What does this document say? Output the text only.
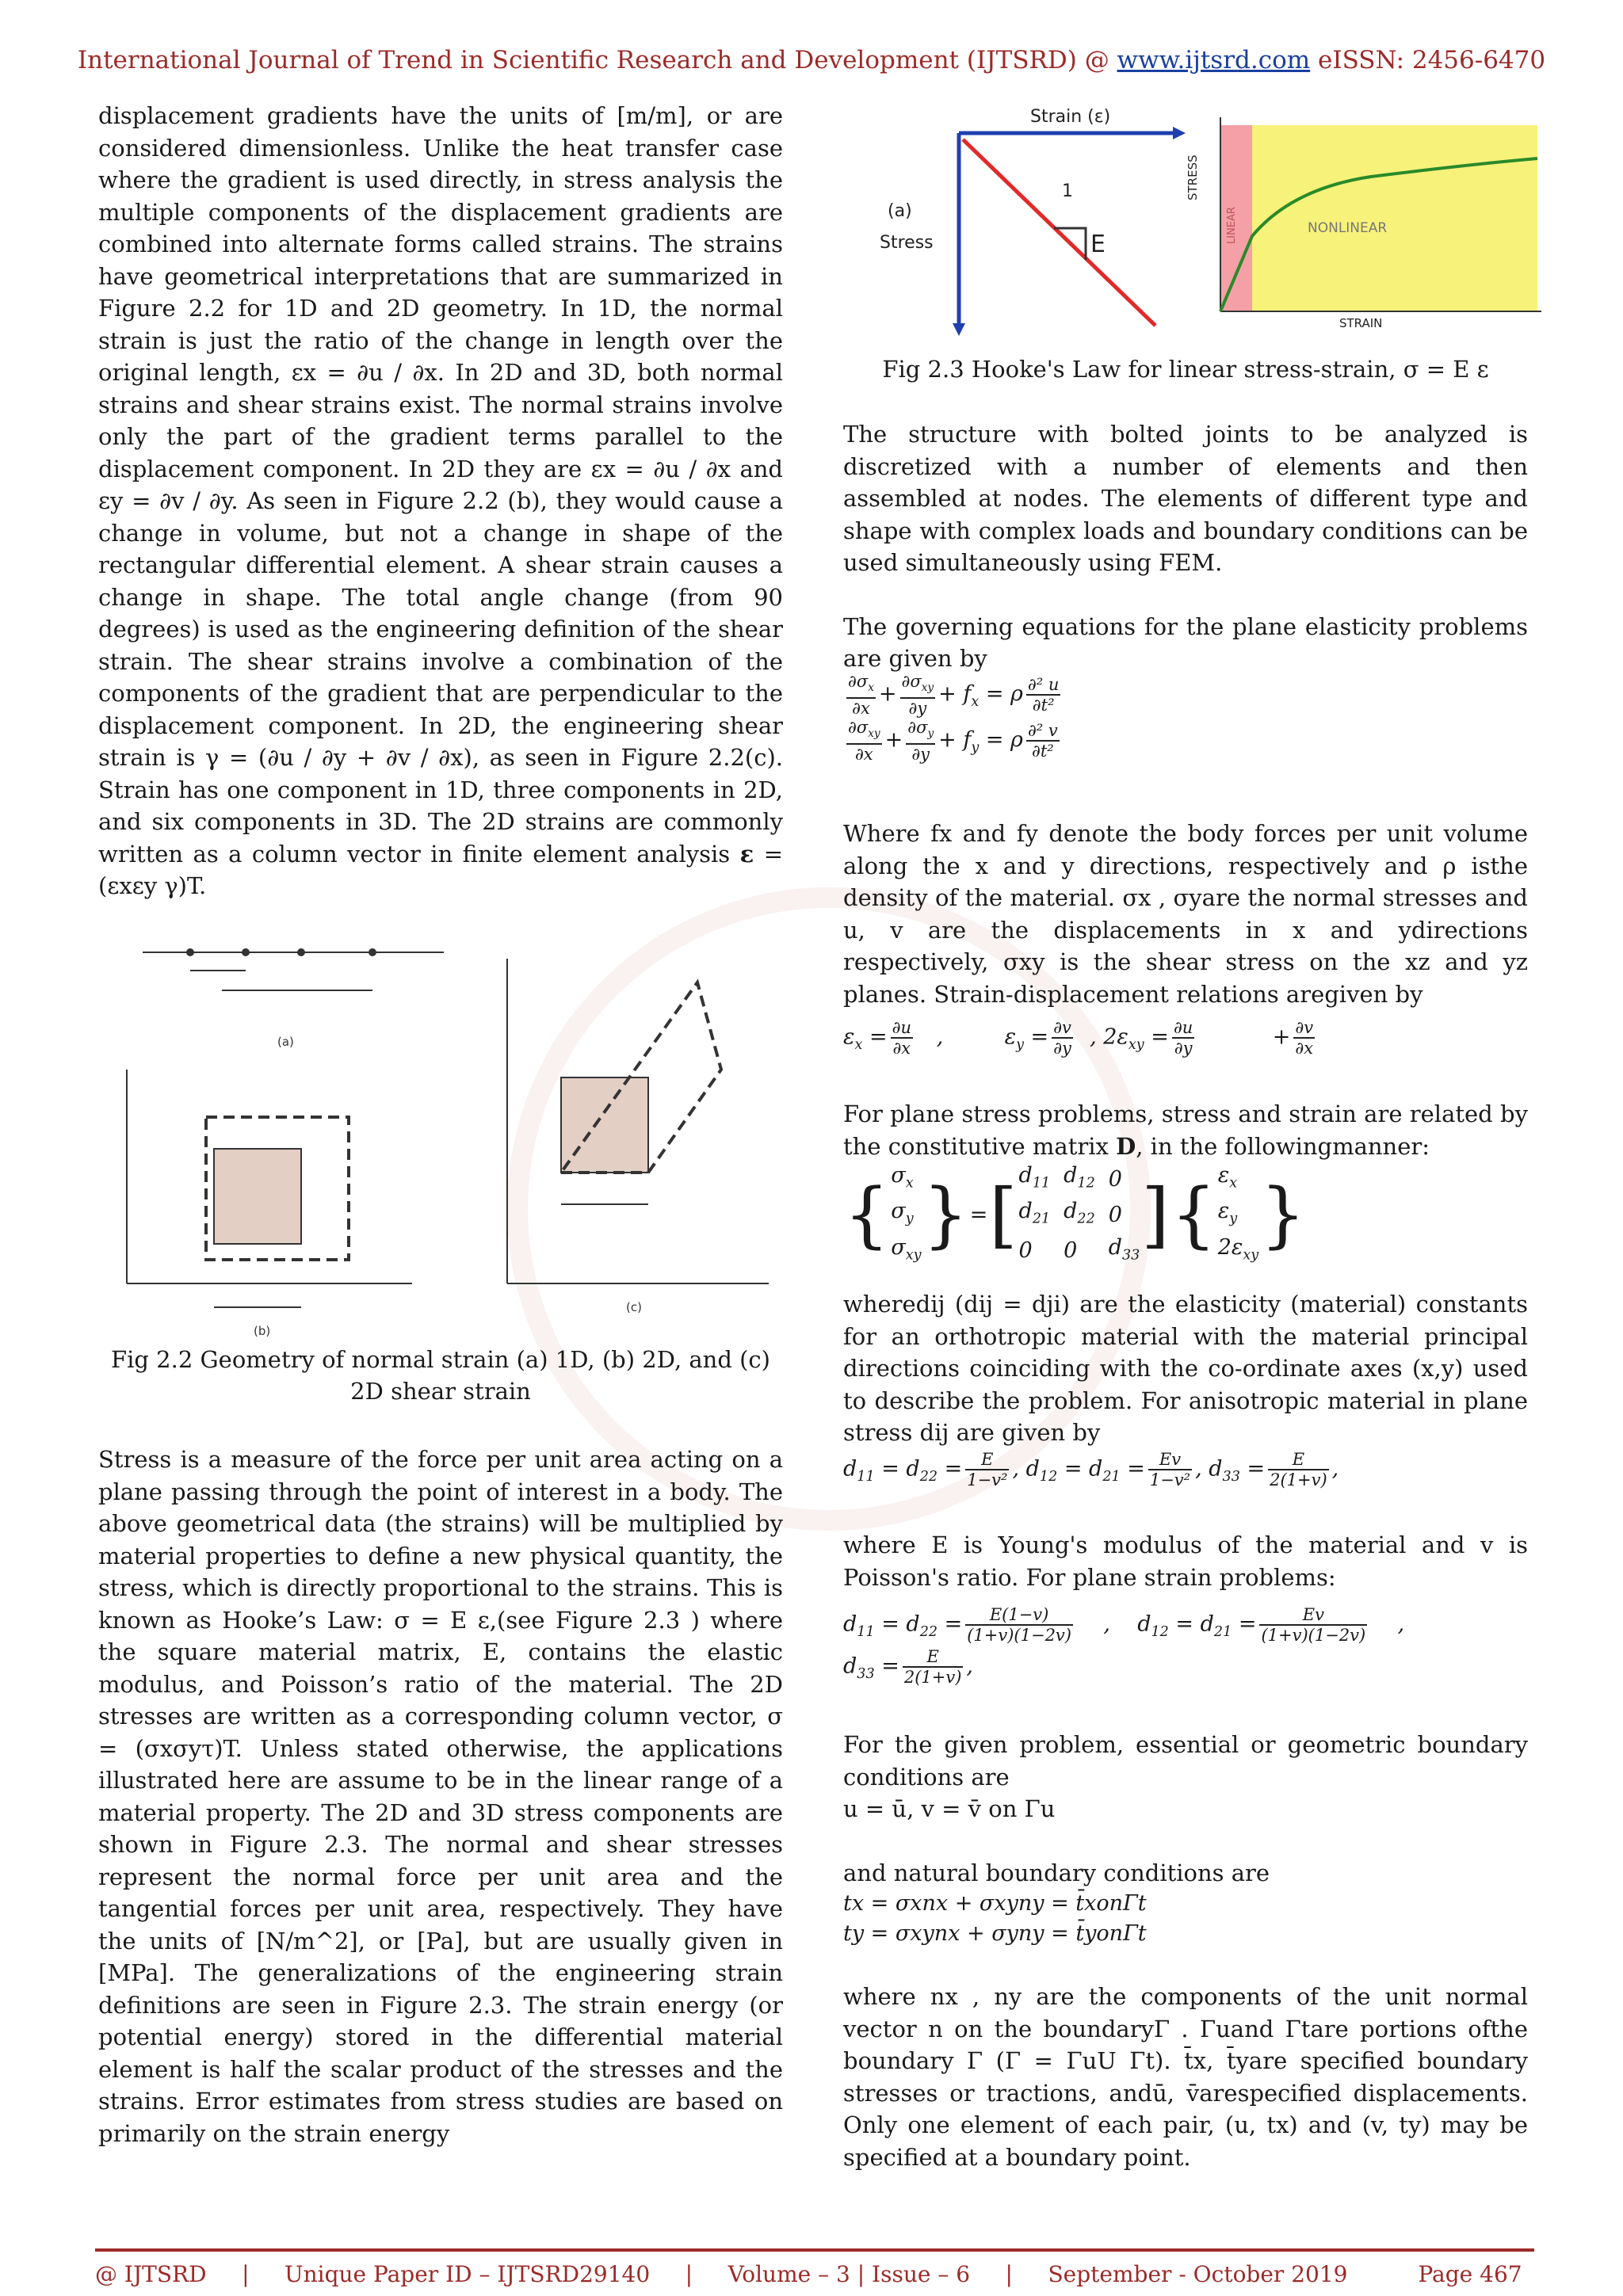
International Journal of Trend in Scientific Research and Development (IJTSRD) @ www.ijtsrd.com eISSN: 2456-6470

displacement gradients have the units of [m/m], or are considered dimensionless. Unlike the heat transfer case where the gradient is used directly, in stress analysis the multiple components of the displacement gradients are combined into alternate forms called strains. The strains have geometrical interpretations that are summarized in Figure 2.2 for 1D and 2D geometry. In 1D, the normal strain is just the ratio of the change in length over the original length, εx = ∂u / ∂x. In 2D and 3D, both normal strains and shear strains exist. The normal strains involve only the part of the gradient terms parallel to the displacement component. In 2D they are εx = ∂u / ∂x and εy = ∂v / ∂y. As seen in Figure 2.2 (b), they would cause a change in volume, but not a change in shape of the rectangular differential element. A shear strain causes a change in shape. The total angle change (from 90 degrees) is used as the engineering definition of the shear strain. The shear strains involve a combination of the components of the gradient that are perpendicular to the displacement component. In 2D, the engineering shear strain is γ = (∂u / ∂y + ∂v / ∂x), as seen in Figure 2.2(c). Strain has one component in 1D, three components in 2D, and six components in 3D. The 2D strains are commonly written as a column vector in finite element analysis ε = (εxεy γ)T.

(a)
(b)
(c)
Fig 2.2 Geometry of normal strain (a) 1D, (b) 2D, and (c) 2D shear strain

Stress is a measure of the force per unit area acting on a plane passing through the point of interest in a body. The above geometrical data (the strains) will be multiplied by material properties to define a new physical quantity, the stress, which is directly proportional to the strains. This is known as Hooke’s Law: σ = E ε,(see Figure 2.3 ) where the square material matrix, E, contains the elastic modulus, and Poisson’s ratio of the material. The 2D stresses are written as a corresponding column vector, σ = (σxσyτ)T. Unless stated otherwise, the applications illustrated here are assume to be in the linear range of a material property. The 2D and 3D stress components are shown in Figure 2.3. The normal and shear stresses represent the normal force per unit area and the tangential forces per unit area, respectively. They have the units of [N/m^2], or [Pa], but are usually given in [MPa]. The generalizations of the engineering strain definitions are seen in Figure 2.3. The strain energy (or potential energy) stored in the differential material element is half the scalar product of the stresses and the strains. Error estimates from stress studies are based on primarily on the strain energy

Strain (ε)
Stress
(a)
E
1
NONLINEAR
STRAIN
STRESS
LINEAR
Fig 2.3 Hooke's Law for linear stress-strain, σ = E ε

The structure with bolted joints to be analyzed is discretized with a number of elements and then assembled at nodes. The elements of different type and shape with complex loads and boundary conditions can be used simultaneously using FEM.

The governing equations for the plane elasticity problems are given by

$\frac{\partial\sigma_x}{\partial x} + \frac{\partial\sigma_{xy}}{\partial y} + f_x = \rho \frac{\text{∂² u}}{\text{∂t²}}$
$\frac{\partial\sigma_{xy}}{\partial x} + \frac{\partial\sigma_y}{\partial y} + f_y = \rho \frac{\text{∂² v}}{\text{∂t²}}$

Where fx and fy denote the body forces per unit volume along the x and y directions, respectively and ρ isthe density of the material. σx , σyare the normal stresses and u, v are the displacements in x and ydirections respectively, σxy is the shear stress on the xz and yz planes. Strain-displacement relations aregiven by

$\varepsilon_x = \frac{\partial u}{\partial x}$ ,         $\varepsilon_y = \frac{\partial v}{\partial y}$ , $2\varepsilon_{xy} = \frac{\partial u}{\partial y} + \frac{\partial v}{\partial x}$

For plane stress problems, stress and strain are related by the constitutive matrix D, in the followingmanner:

{	$\sigma_x$	}	=	[	$d_{11}$	$d_{12}$	0	]	{	$\varepsilon_x$	}
	$\sigma_y$				$d_{21}$	$d_{22}$	0			$\varepsilon_y$
	$\sigma_{xy}$				0	0	$d_{33}$			$2\varepsilon_{xy}$

wheredij (dij = dji) are the elasticity (material) constants for an orthotropic material with the material principal directions coinciding with the co-ordinate axes (x,y) used to describe the problem. For anisotropic material in plane stress dij are given by

$d_{11} = d_{22} = \frac{E}{\text{1−v²}}$ , $d_{12} = d_{21} = \frac{Ev}{\text{1−v²}}$ , $d_{33} = \frac{E}{2(1+v)}$ ,

where E is Young's modulus of the material and v is Poisson's ratio. For plane strain problems:

$d_{11} = d_{22} = \frac{E(1-v)}{(1+v)(1-2v)}$ ,    $d_{12} = d_{21} = \frac{Ev}{(1+v)(1-2v)}$ ,
$d_{33} = \frac{E}{2(1+v)}$ ,

For the given problem, essential or geometric boundary conditions are

u = ū, v = v̄ on Γu

and natural boundary conditions are

tx = σxnx + σxyny = t̄xonΓt

ty = σxynx + σyny = t̄yonΓt

where nx , ny are the components of the unit normal vector n on the boundaryΓ . Γuand Γtare portions ofthe boundary Γ (Γ = ΓuU Γt). t̄x, t̄yare specified boundary stresses or tractions, andū, v̄arespecified displacements. Only one element of each pair, (u, tx) and (v, ty) may be specified at a boundary point.

@ IJTSRD     |     Unique Paper ID – IJTSRD29140     |     Volume – 3 | Issue – 6     |     September - October 2019          Page 467
